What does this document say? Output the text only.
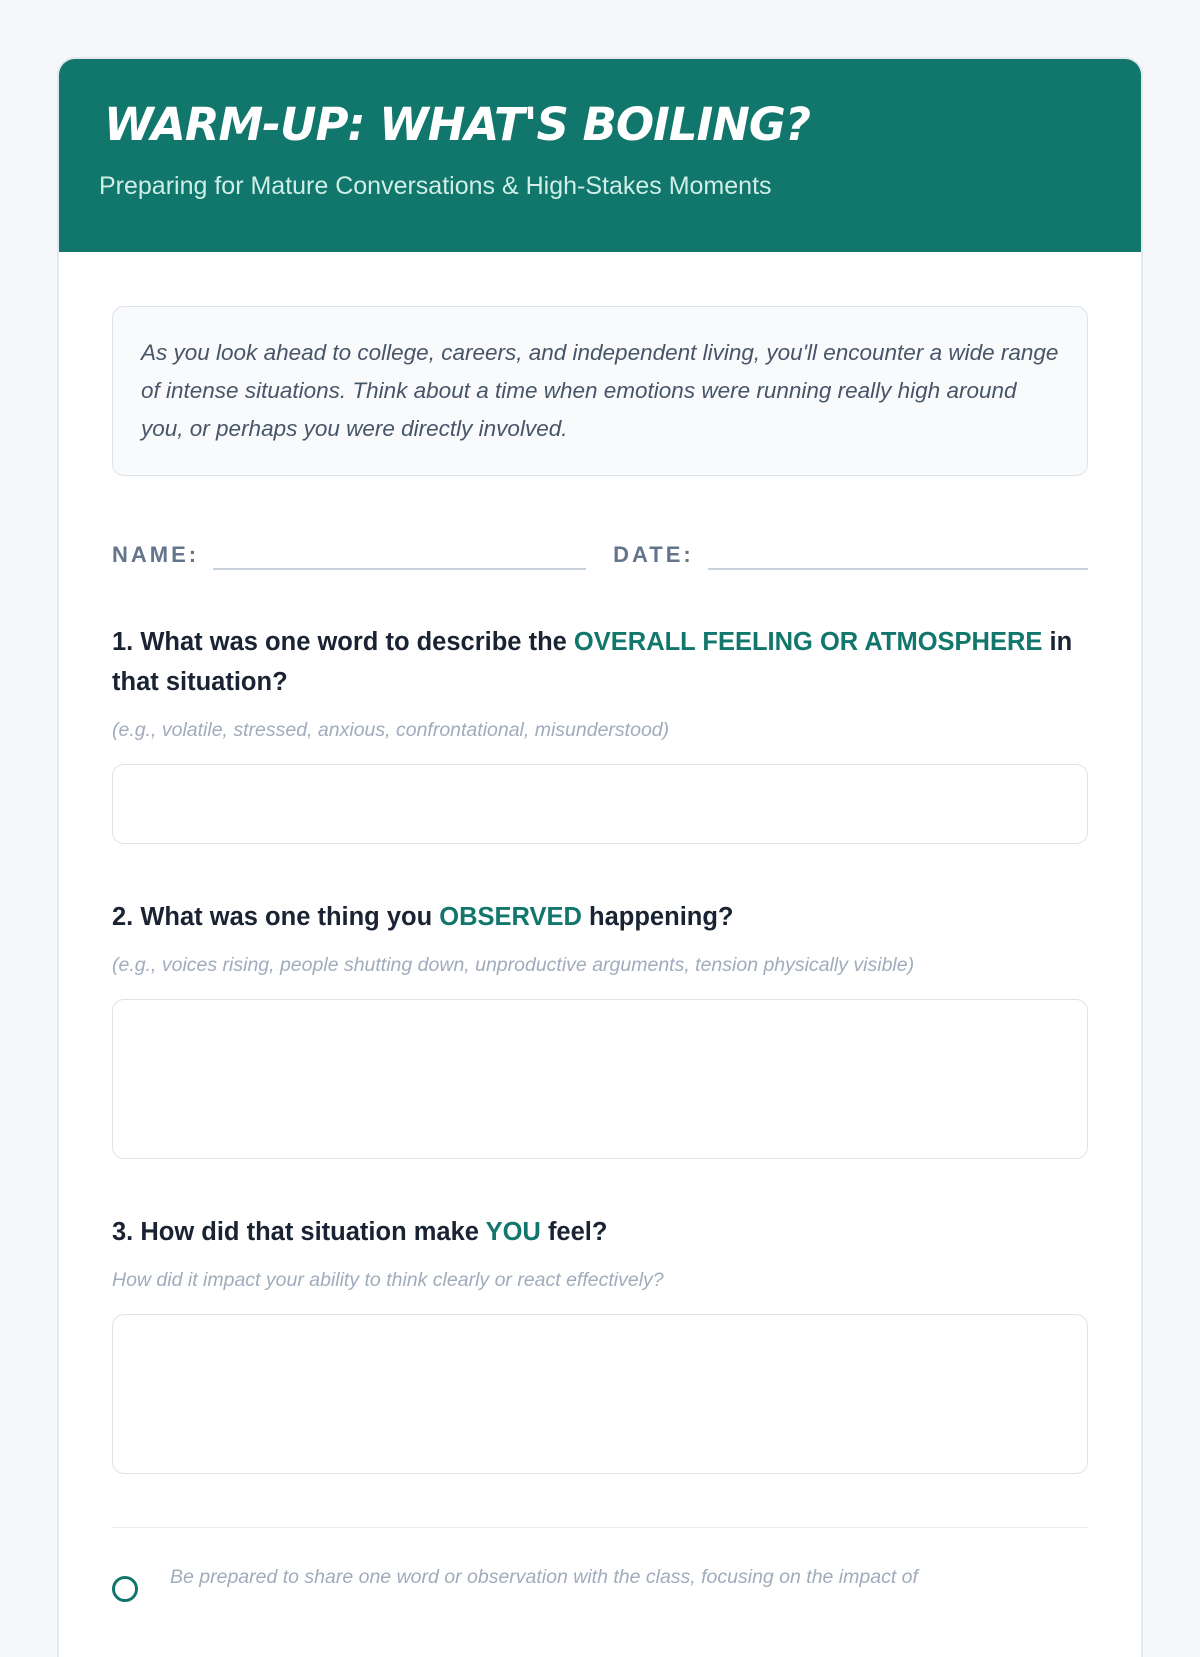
WARM-UP: WHAT'S BOILING?

Preparing for Mature Conversations & High-Stakes Moments

As you look ahead to college, careers, and independent living, you'll encounter a wide range of intense situations. Think about a time when emotions were running really high around you, or perhaps you were directly involved.
NAME:	DATE:

1. What was one word to describe the OVERALL FEELING OR ATMOSPHERE in that situation?

(e.g., volatile, stressed, anxious, confrontational, misunderstood)

2. What was one thing you OBSERVED happening?

(e.g., voices rising, people shutting down, unproductive arguments, tension physically visible)

3. How did that situation make YOU feel?

How did it impact your ability to think clearly or react effectively?

Be prepared to share one word or observation with the class, focusing on the impact of
